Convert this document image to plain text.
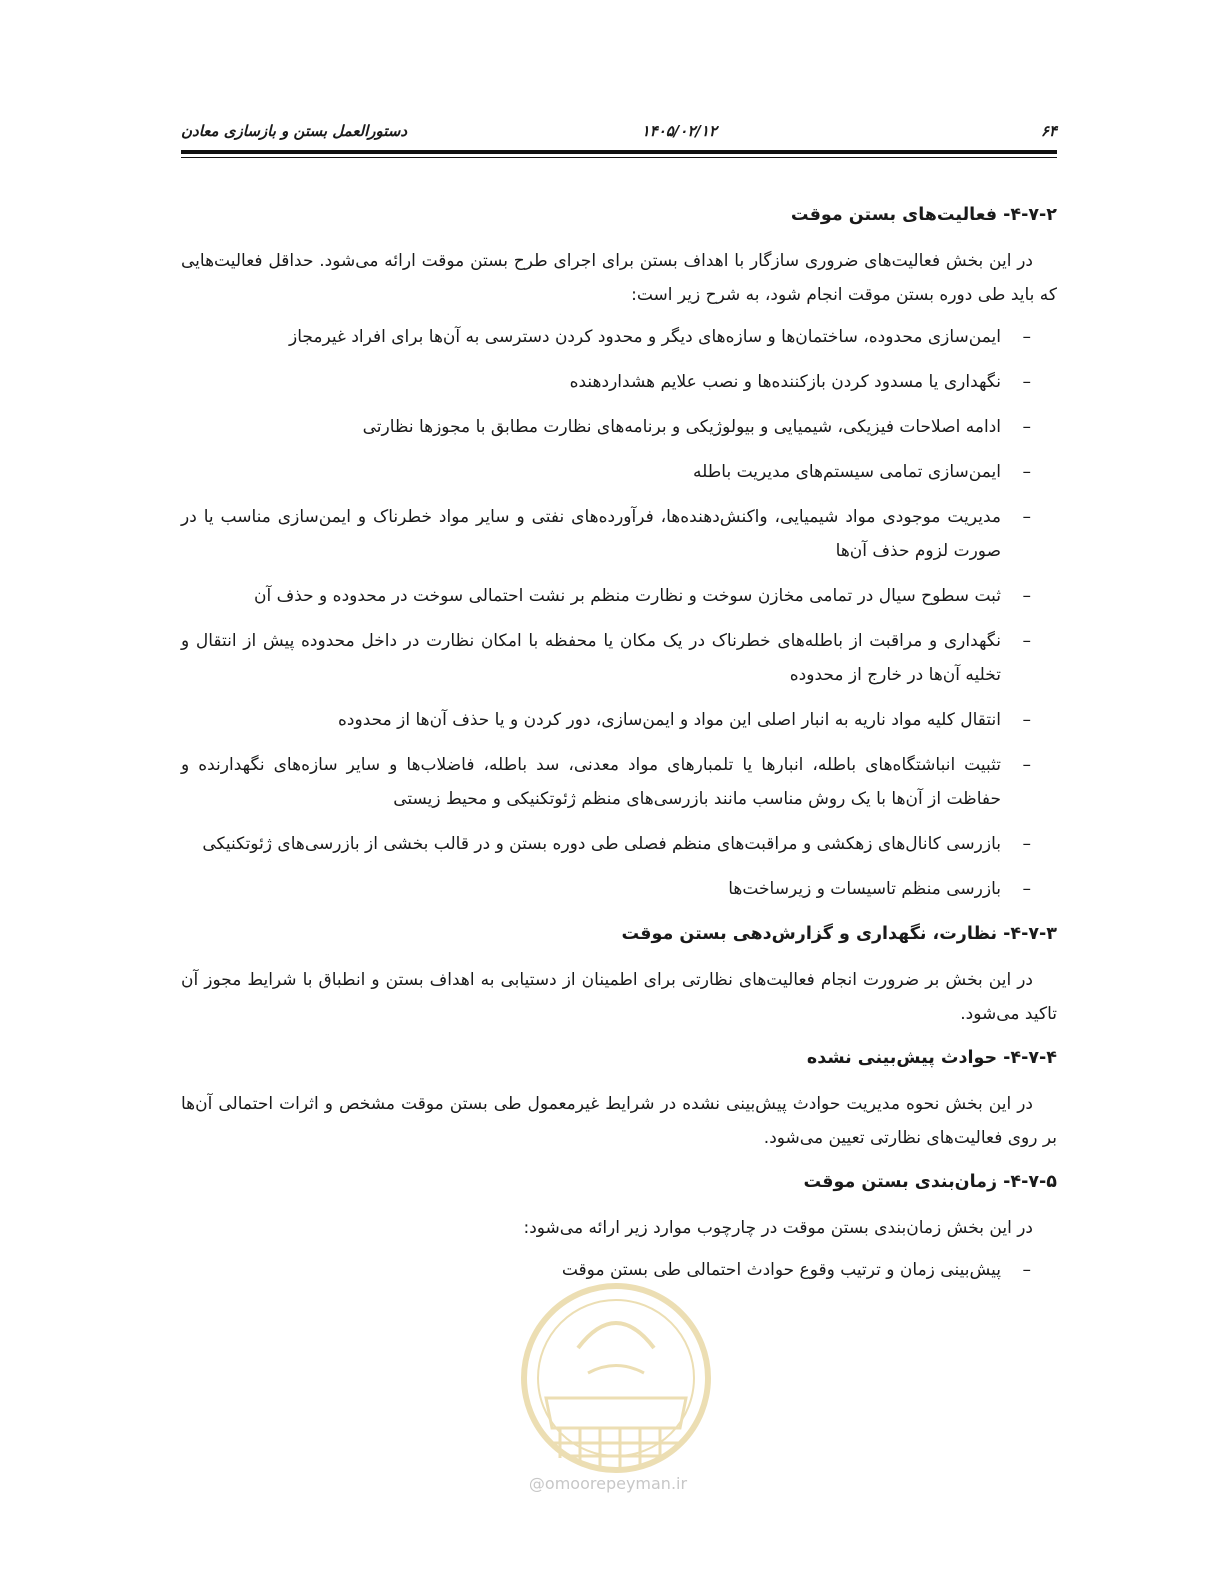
۶۴
۱۴۰۵/۰۲/۱۲
دستورالعمل بستن و بازسازی معادن
۴-۷-۲- فعالیت‌های بستن موقت

در این بخش فعالیت‌های ضروری سازگار با اهداف بستن برای اجرای طرح بستن موقت ارائه می‌شود. حداقل فعالیت‌هایی که باید طی دوره بستن موقت انجام شود، به شرح زیر است:

– ایمن‌سازی محدوده، ساختمان‌ها و سازه‌های دیگر و محدود کردن دسترسی به آن‌ها برای افراد غیرمجاز
– نگهداری یا مسدود کردن بازکننده‌ها و نصب علایم هشداردهنده
– ادامه اصلاحات فیزیکی، شیمیایی و بیولوژیکی و برنامه‌های نظارت مطابق با مجوزها نظارتی
– ایمن‌سازی تمامی سیستم‌های مدیریت باطله
– مدیریت موجودی مواد شیمیایی، واکنش‌دهنده‌ها، فرآورده‌های نفتی و سایر مواد خطرناک و ایمن‌سازی مناسب یا در صورت لزوم حذف آن‌ها
– ثبت سطوح سیال در تمامی مخازن سوخت و نظارت منظم بر نشت احتمالی سوخت در محدوده و حذف آن
– نگهداری و مراقبت از باطله‌های خطرناک در یک مکان یا محفظه با امکان نظارت در داخل محدوده پیش از انتقال و تخلیه آن‌ها در خارج از محدوده
– انتقال کلیه مواد ناریه به انبار اصلی این مواد و ایمن‌سازی، دور کردن و یا حذف آن‌ها از محدوده
– تثبیت انباشتگاه‌های باطله، انبارها یا تلمبارهای مواد معدنی، سد باطله، فاضلاب‌ها و سایر سازه‌های نگهدارنده و حفاظت از آن‌ها با یک روش مناسب مانند بازرسی‌های منظم ژئوتکنیکی و محیط زیستی
– بازرسی کانال‌های زهکشی و مراقبت‌های منظم فصلی طی دوره بستن و در قالب بخشی از بازرسی‌های ژئوتکنیکی
– بازرسی منظم تاسیسات و زیرساخت‌ها
۴-۷-۳- نظارت، نگهداری و گزارش‌دهی بستن موقت

در این بخش بر ضرورت انجام فعالیت‌های نظارتی برای اطمینان از دستیابی به اهداف بستن و انطباق با شرایط مجوز آن تاکید می‌شود.

۴-۷-۴- حوادث پیش‌بینی نشده

در این بخش نحوه مدیریت حوادث پیش‌بینی نشده در شرایط غیرمعمول طی بستن موقت مشخص و اثرات احتمالی آن‌ها بر روی فعالیت‌های نظارتی تعیین می‌شود.

۴-۷-۵- زمان‌بندی بستن موقت

در این بخش زمان‌بندی بستن موقت در چارچوب موارد زیر ارائه می‌شود:

– پیش‌بینی زمان و ترتیب وقوع حوادث احتمالی طی بستن موقت
@omoorepeyman.ir
